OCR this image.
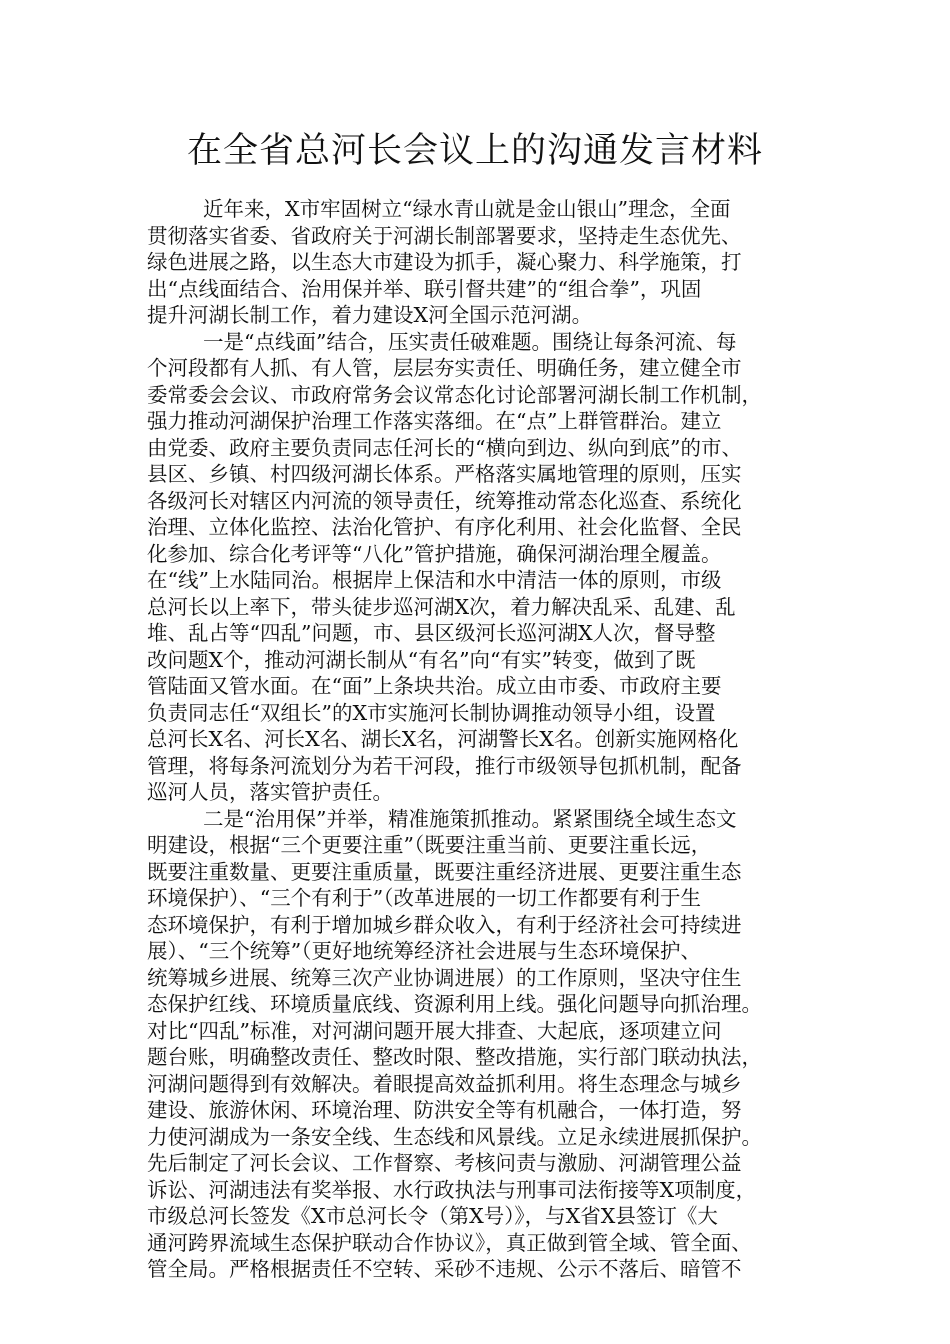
在全省总河长会议上的沟通发言材料
近年来，X市牢固树立“绿水青山就是金山银山”理念，全面
贯彻落实省委、省政府关于河湖长制部署要求，坚持走生态优先、
绿色进展之路，以生态大市建设为抓手，凝心聚力、科学施策，打
出“点线面结合、治用保并举、联引督共建”的“组合拳”，巩固
提升河湖长制工作，着力建设X河全国示范河湖。
一是“点线面”结合，压实责任破难题。围绕让每条河流、每
个河段都有人抓、有人管，层层夯实责任、明确任务，建立健全市
委常委会会议、市政府常务会议常态化讨论部署河湖长制工作机制，
强力推动河湖保护治理工作落实落细。在“点”上群管群治。建立
由党委、政府主要负责同志任河长的“横向到边、纵向到底”的市、
县区、乡镇、村四级河湖长体系。严格落实属地管理的原则，压实
各级河长对辖区内河流的领导责任，统筹推动常态化巡查、系统化
治理、立体化监控、法治化管护、有序化利用、社会化监督、全民
化参加、综合化考评等“八化”管护措施，确保河湖治理全履盖。
在“线”上水陆同治。根据岸上保洁和水中清洁一体的原则，市级
总河长以上率下，带头徒步巡河湖X次，着力解决乱采、乱建、乱
堆、乱占等“四乱”问题，市、县区级河长巡河湖X人次，督导整
改问题X个，推动河湖长制从“有名”向“有实”转变，做到了既
管陆面又管水面。在“面”上条块共治。成立由市委、市政府主要
负责同志任“双组长”的X市实施河长制协调推动领导小组，设置
总河长X名、河长X名、湖长X名，河湖警长X名。创新实施网格化
管理，将每条河流划分为若干河段，推行市级领导包抓机制，配备
巡河人员，落实管护责任。
二是“治用保”并举，精准施策抓推动。紧紧围绕全域生态文
明建设，根据“三个更要注重”（既要注重当前、更要注重长远，
既要注重数量、更要注重质量，既要注重经济进展、更要注重生态
环境保护）、“三个有利于”（改革进展的一切工作都要有利于生
态环境保护，有利于增加城乡群众收入，有利于经济社会可持续进
展）、“三个统筹”（更好地统筹经济社会进展与生态环境保护、
统筹城乡进展、统筹三次产业协调进展）的工作原则，坚决守住生
态保护红线、环境质量底线、资源利用上线。强化问题导向抓治理。
对比“四乱”标准，对河湖问题开展大排查、大起底，逐项建立问
题台账，明确整改责任、整改时限、整改措施，实行部门联动执法，
河湖问题得到有效解决。着眼提高效益抓利用。将生态理念与城乡
建设、旅游休闲、环境治理、防洪安全等有机融合，一体打造，努
力使河湖成为一条安全线、生态线和风景线。立足永续进展抓保护。
先后制定了河长会议、工作督察、考核问责与激励、河湖管理公益
诉讼、河湖违法有奖举报、水行政执法与刑事司法衔接等X项制度，
市级总河长签发《X市总河长令（第X号）》，与X省X县签订《大
通河跨界流域生态保护联动合作协议》，真正做到管全域、管全面、
管全局。严格根据责任不空转、采砂不违规、公示不落后、暗管不
